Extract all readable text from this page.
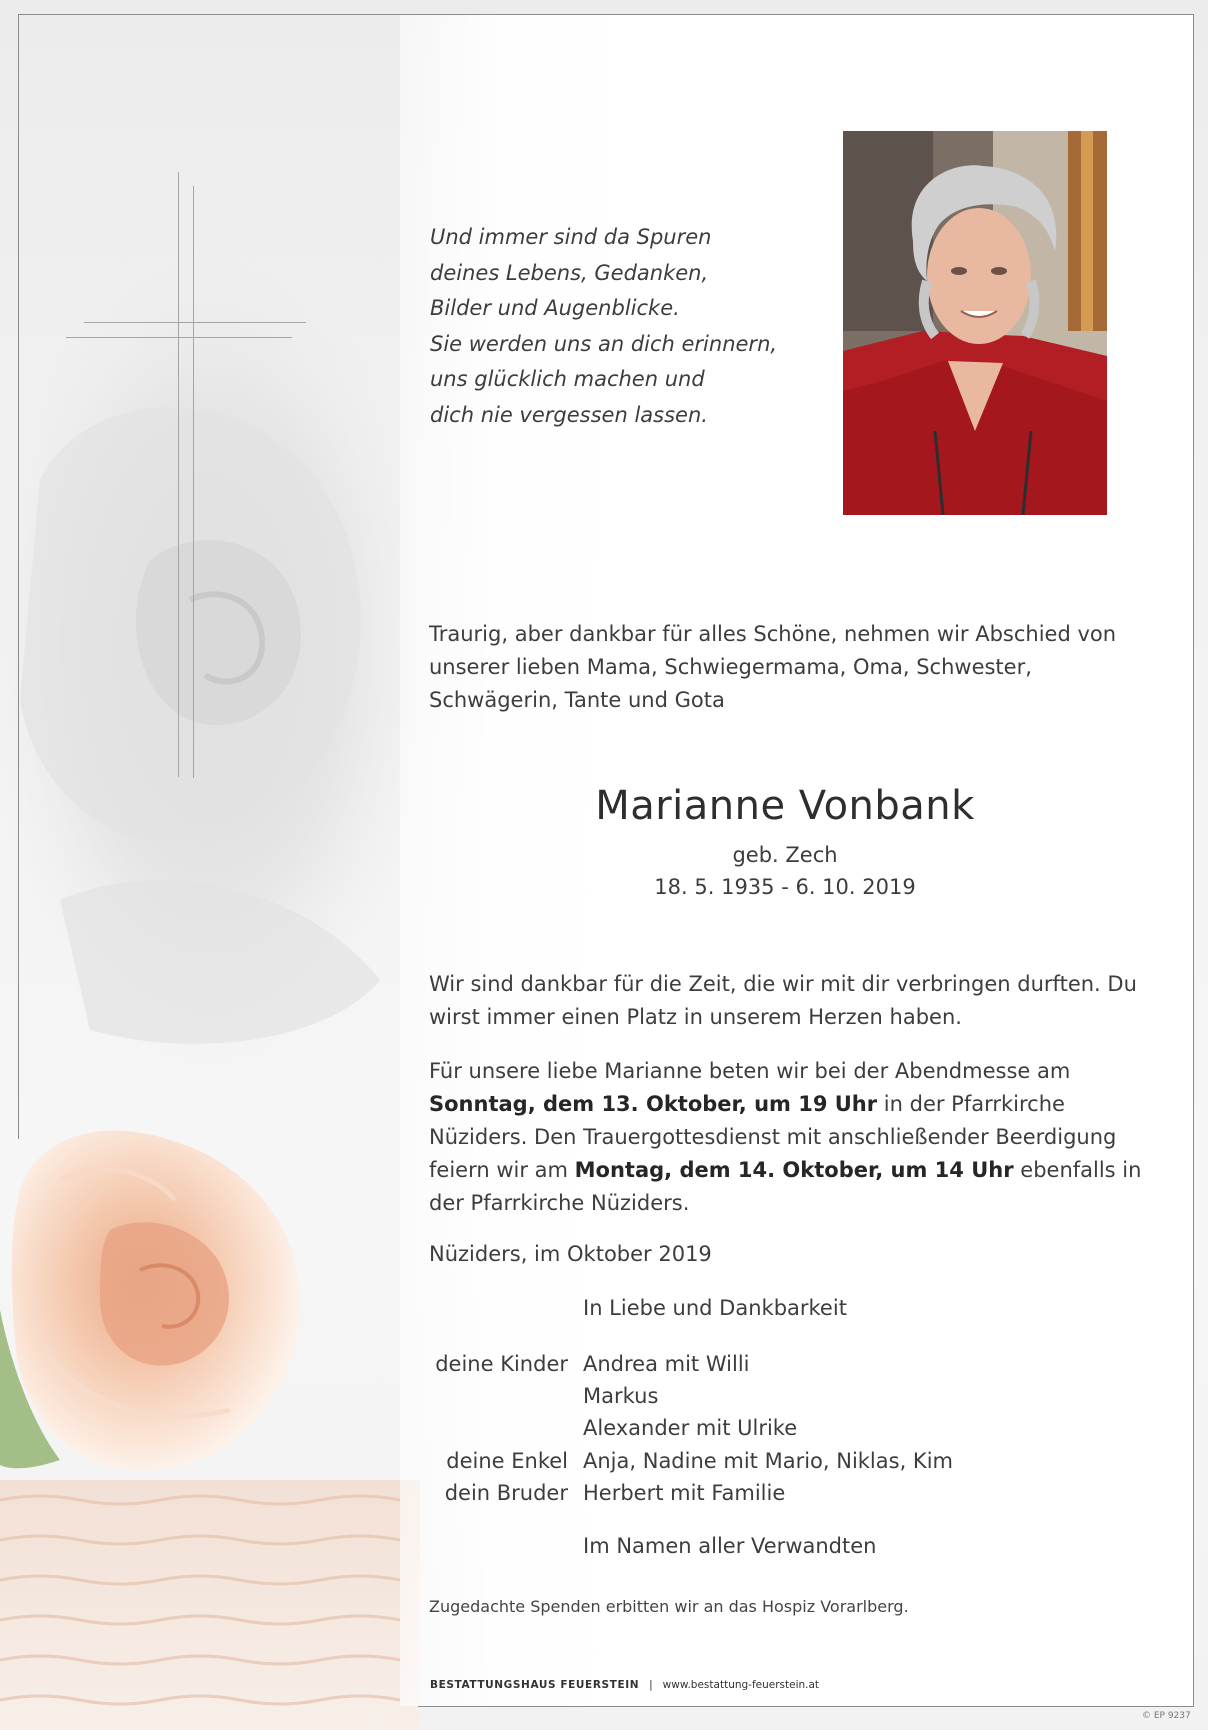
Und immer sind da Spuren
deines Lebens, Gedanken,
Bilder und Augenblicke.
Sie werden uns an dich erinnern,
uns glücklich machen und
dich nie vergessen lassen.
Traurig, aber dankbar für alles Schöne, nehmen wir Abschied von
unserer lieben Mama, Schwiegermama, Oma, Schwester,
Schwägerin, Tante und Gota
Marianne Vonbank
geb. Zech
18. 5. 1935 - 6. 10. 2019
Wir sind dankbar für die Zeit, die wir mit dir verbringen durften. Du
wirst immer einen Platz in unserem Herzen haben.
Für unsere liebe Marianne beten wir bei der Abendmesse am
Sonntag, dem 13. Oktober, um 19 Uhr in der Pfarrkirche
Nüziders. Den Trauergottesdienst mit anschließender Beerdigung
feiern wir am Montag, dem 14. Oktober, um 14 Uhr ebenfalls in
der Pfarrkirche Nüziders.
Nüziders, im Oktober 2019
In Liebe und Dankbarkeit
deine Kinder Andrea mit Willi
Markus
Alexander mit Ulrike
deine Enkel Anja, Nadine mit Mario, Niklas, Kim
dein Bruder Herbert mit Familie
Im Namen aller Verwandten
Zugedachte Spenden erbitten wir an das Hospiz Vorarlberg.
BESTATTUNGSHAUS FEUERSTEIN | www.bestattung-feuerstein.at
© EP 9237
